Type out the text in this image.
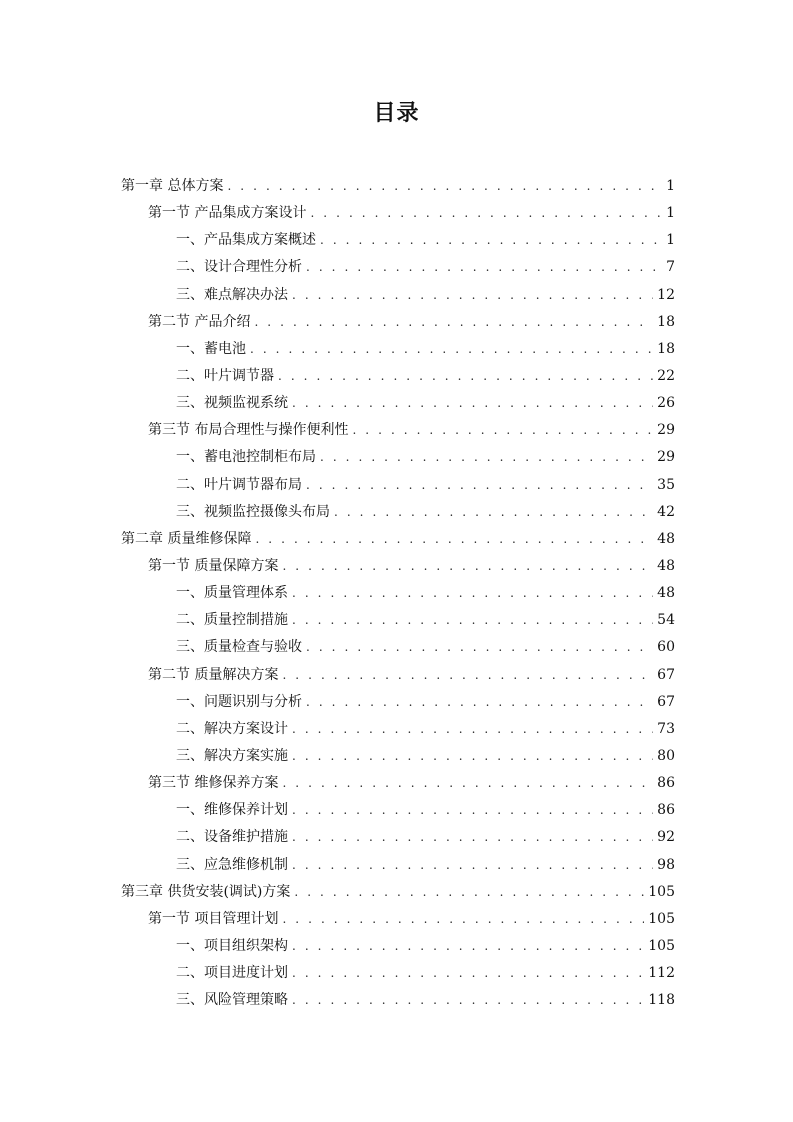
目录
第一章 总体方案 . . .	1
第一节 产品集成方案设计 . . .	1
一、产品集成方案概述 . . .	1
二、设计合理性分析 . . .	7
三、难点解决办法 . . .	12
第二节 产品介绍 . . .	18
一、蓄电池 . . .	18
二、叶片调节器 . . .	22
三、视频监视系统 . . .	26
第三节 布局合理性与操作便利性 . . .	29
一、蓄电池控制柜布局 . . .	29
二、叶片调节器布局 . . .	35
三、视频监控摄像头布局 . . .	42
第二章 质量维修保障 . . .	48
第一节 质量保障方案 . . .	48
一、质量管理体系 . . .	48
二、质量控制措施 . . .	54
三、质量检查与验收 . . .	60
第二节 质量解决方案 . . .	67
一、问题识别与分析 . . .	67
二、解决方案设计 . . .	73
三、解决方案实施 . . .	80
第三节 维修保养方案 . . .	86
一、维修保养计划 . . .	86
二、设备维护措施 . . .	92
三、应急维修机制 . . .	98
第三章 供货安装(调试)方案 . . .	105
第一节 项目管理计划 . . .	105
一、项目组织架构 . . .	105
二、项目进度计划 . . .	112
三、风险管理策略 . . .	118
